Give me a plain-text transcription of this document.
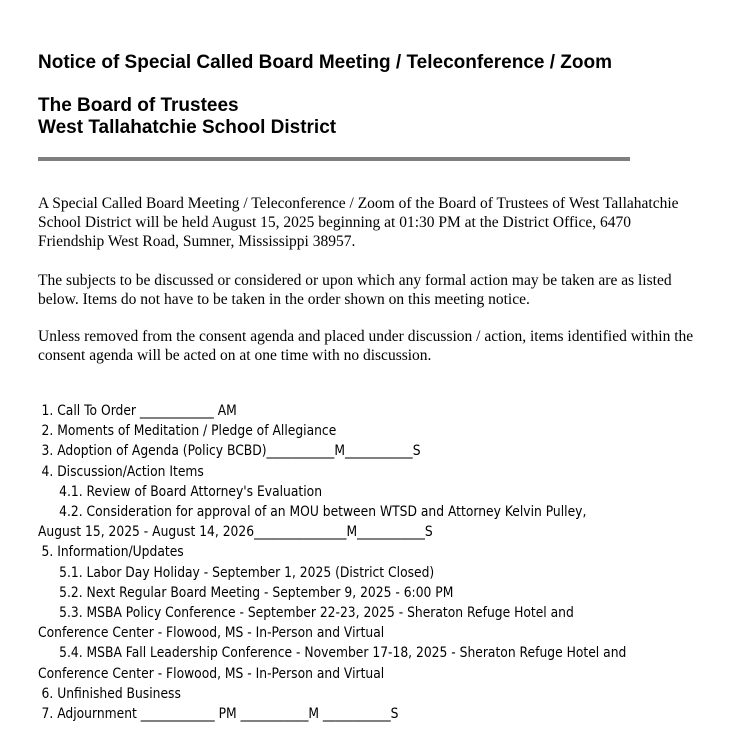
Notice of Special Called Board Meeting / Teleconference / Zoom
The Board of Trustees
West Tallahatchie School District

A Special Called Board Meeting / Teleconference / Zoom of the Board of Trustees of West Tallahatchie School District will be held August 15, 2025 beginning at 01:30 PM at the District Office, 6470 Friendship West Road, Sumner, Mississippi 38957.

The subjects to be discussed or considered or upon which any formal action may be taken are as listed below. Items do not have to be taken in the order shown on this meeting notice.

Unless removed from the consent agenda and placed under discussion / action, items identified within the consent agenda will be acted on at one time with no discussion.

1. Call To Order ____________ AM
2. Moments of Meditation / Pledge of Allegiance
3. Adoption of Agenda (Policy BCBD)___________M___________S
4. Discussion/Action Items
4.1. Review of Board Attorney's Evaluation
4.2. Consideration for approval of an MOU between WTSD and Attorney Kelvin Pulley,
August 15, 2025 - August 14, 2026_______________M___________S
5. Information/Updates
5.1. Labor Day Holiday - September 1, 2025 (District Closed)
5.2. Next Regular Board Meeting - September 9, 2025 - 6:00 PM
5.3. MSBA Policy Conference - September 22-23, 2025 - Sheraton Refuge Hotel and
Conference Center - Flowood, MS - In-Person and Virtual
5.4. MSBA Fall Leadership Conference - November 17-18, 2025 - Sheraton Refuge Hotel and
Conference Center - Flowood, MS - In-Person and Virtual
6. Unfinished Business
7. Adjournment ____________ PM ___________M ___________S
